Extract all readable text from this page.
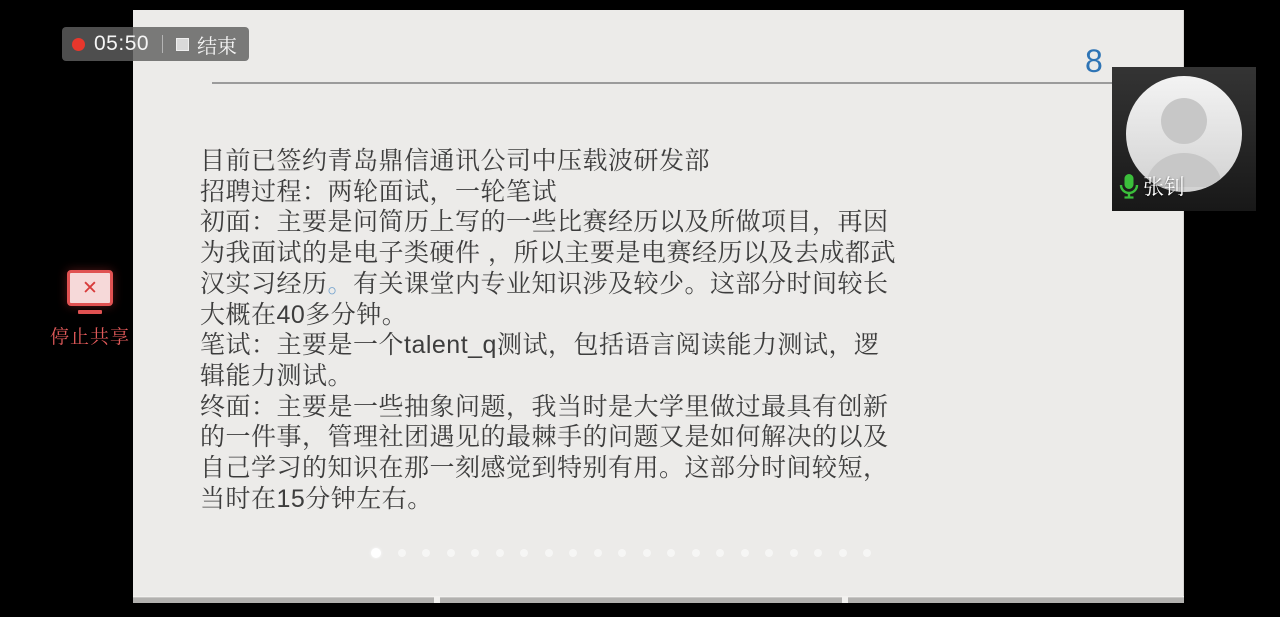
8
目前已签约青岛鼎信通讯公司中压载波研发部
招聘过程：两轮面试，一轮笔试
初面：主要是问简历上写的一些比赛经历以及所做项目，再因
为我面试的是电子类硬件 ，所以主要是电赛经历以及去成都武
汉实习经历。有关课堂内专业知识涉及较少。这部分时间较长
大概在40多分钟。
笔试：主要是一个talent_q测试，包括语言阅读能力测试，逻
辑能力测试。
终面：主要是一些抽象问题，我当时是大学里做过最具有创新
的一件事，管理社团遇见的最棘手的问题又是如何解决的以及
自己学习的知识在那一刻感觉到特别有用。这部分时间较短，
当时在15分钟左右。
05:50 结束
✕
停止共享
张钊
